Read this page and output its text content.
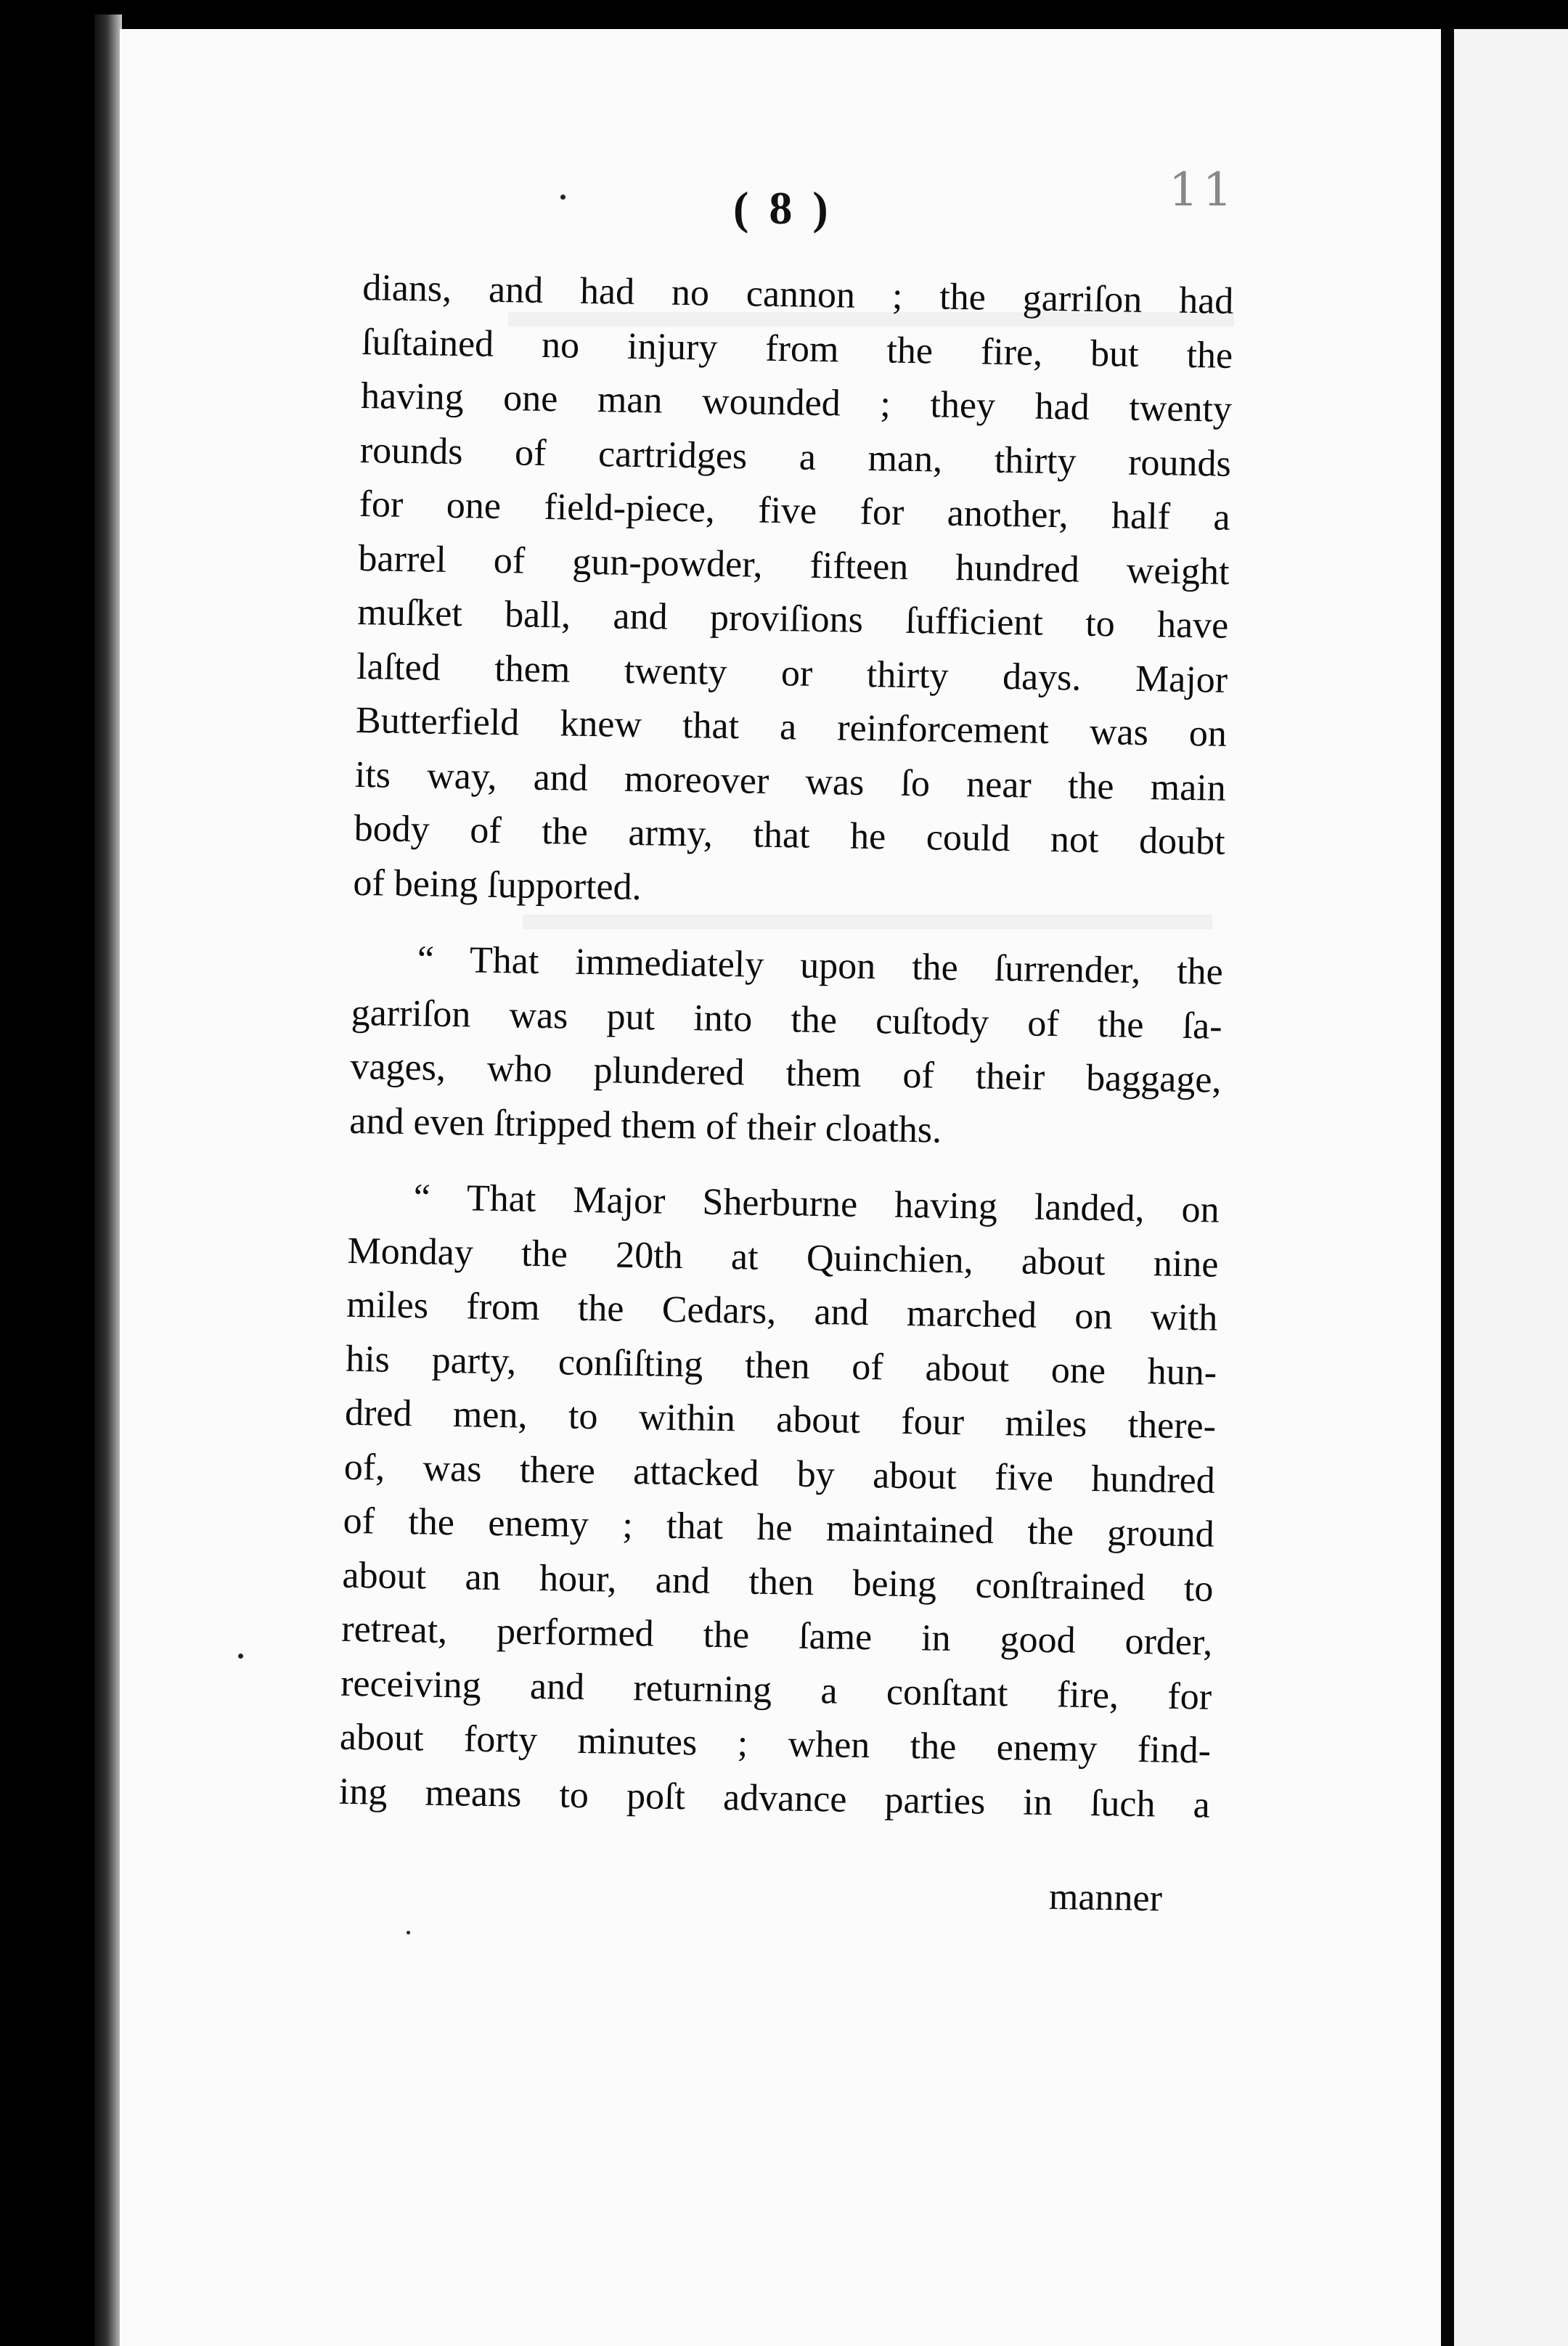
11
( 8 )
dians, and had no cannon ; the garriſon had
ſuſtained no injury from the fire, but the
having one man wounded ; they had twenty
rounds of cartridges a man, thirty rounds
for one field-piece, five for another, half a
barrel of gun-powder, fifteen hundred weight
muſket ball, and proviſions ſufficient to have
laſted them twenty or thirty days. Major
Butterfield knew that a reinforcement was on
its way, and moreover was ſo near the main
body of the army, that he could not doubt
of being ſupported.
“ That immediately upon the ſurrender, the
garriſon was put into the cuſtody of the ſa-
vages, who plundered them of their baggage,
and even ſtripped them of their cloaths.
“ That Major Sherburne having landed, on
Monday the 20th at Quinchien, about nine
miles from the Cedars, and marched on with
his party, conſiſting then of about one hun-
dred men, to within about four miles there-
of, was there attacked by about five hundred
of the enemy ; that he maintained the ground
about an hour, and then being conſtrained to
retreat, performed the ſame in good order,
receiving and returning a conſtant fire, for
about forty minutes ; when the enemy find-
ing means to poſt advance parties in ſuch a
manner
